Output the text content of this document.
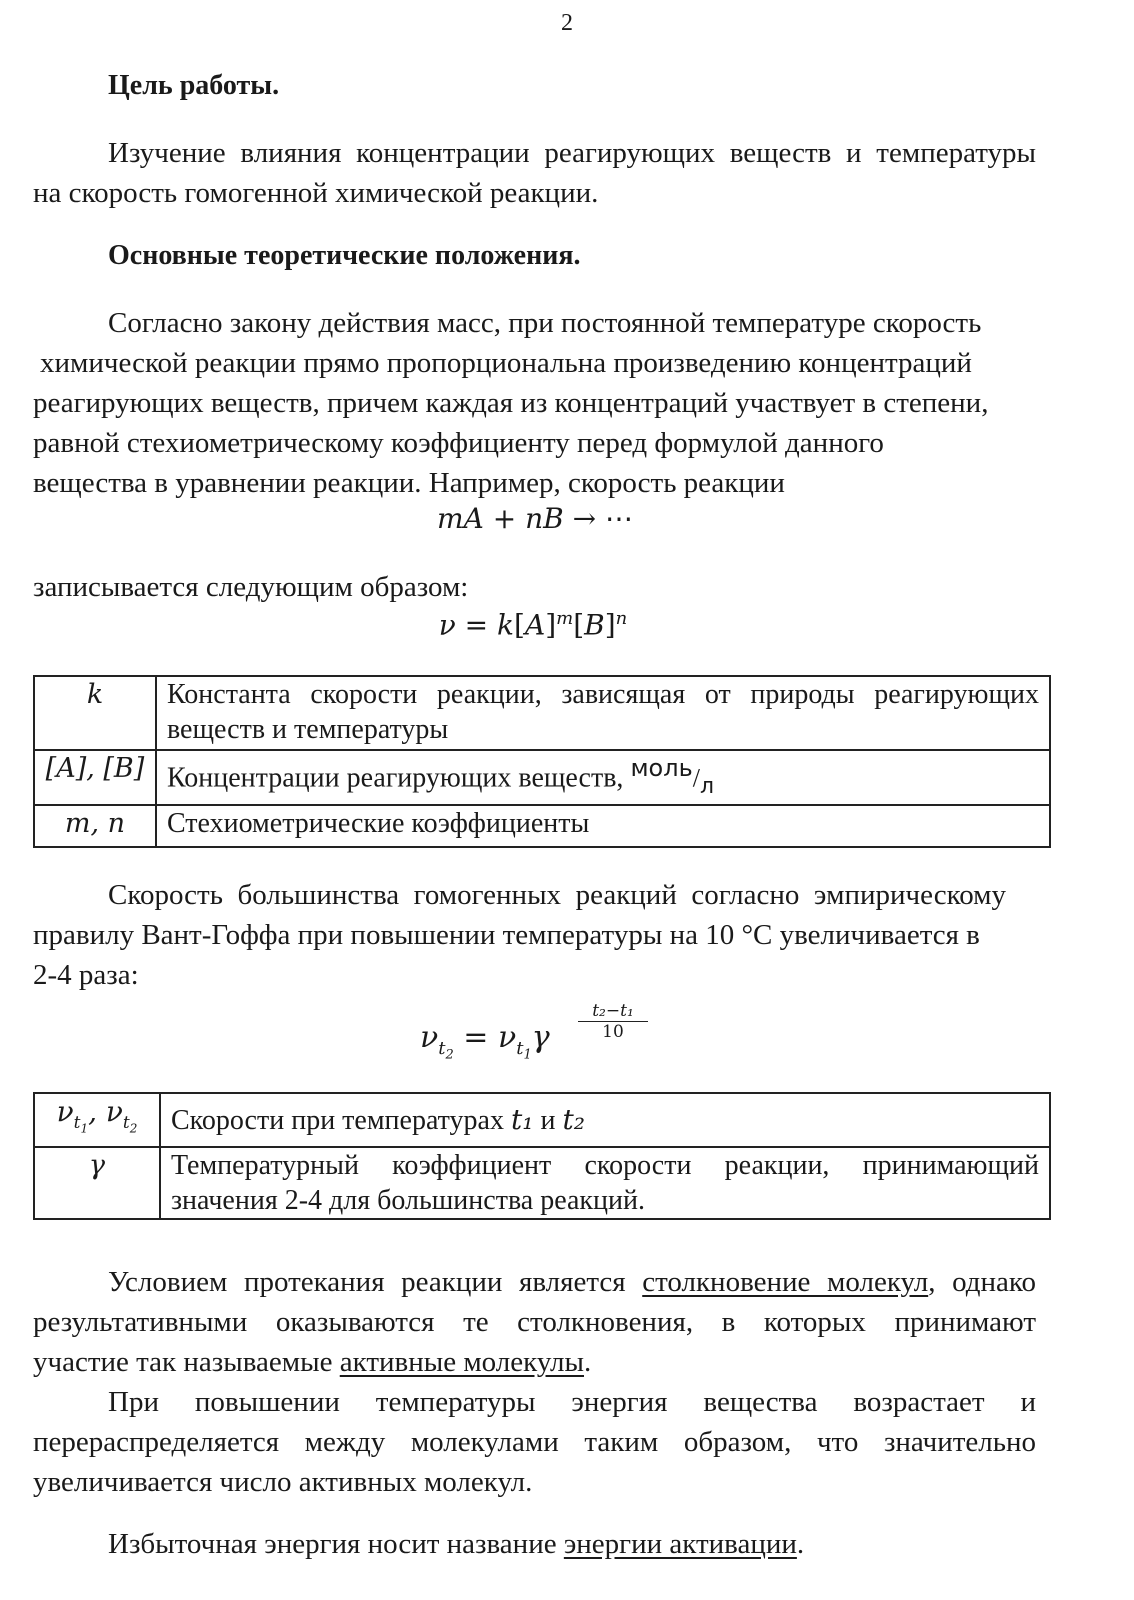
2
Цель работы.
Изучение влияния концентрации реагирующих веществ и температуры
на скорость гомогенной химической реакции.
Основные теоретические положения.
Согласно закону действия масс, при постоянной температуре скорость
химической реакции прямо пропорциональна произведению концентраций
реагирующих веществ, причем каждая из концентраций участвует в степени,
равной стехиометрическому коэффициенту перед формулой данного
вещества в уравнении реакции. Например, скорость реакции
mA + nB → ⋯
записывается следующим образом:
$\nu = k[A]^m[B]^n$
k	Константа скорости реакции, зависящая от природы реагирующих веществ и температуры
[A], [B]	Концентрации реагирующих веществ, $^{моль}/_л$
m, n	Стехиометрические коэффициенты
Скорость большинства гомогенных реакций согласно эмпирическому
правилу Вант-Гоффа при повышении температуры на 10 °С увеличивается в
2-4 раза:
$\nu_{t_2} = \nu_{t_1}\gamma$
t₂−t₁
10
$\nu_{t_1}$, $\nu_{t_2}$	Скорости при температурах t₁ и t₂
γ	Температурный коэффициент скорости реакции, принимающий значения 2-4 для большинства реакций.
Условием протекания реакции является столкновение молекул, однако
результативными оказываются те столкновения, в которых принимают
участие так называемые активные молекулы.
При повышении температуры энергия вещества возрастает и
перераспределяется между молекулами таким образом, что значительно
увеличивается число активных молекул.
Избыточная энергия носит название энергии активации.
